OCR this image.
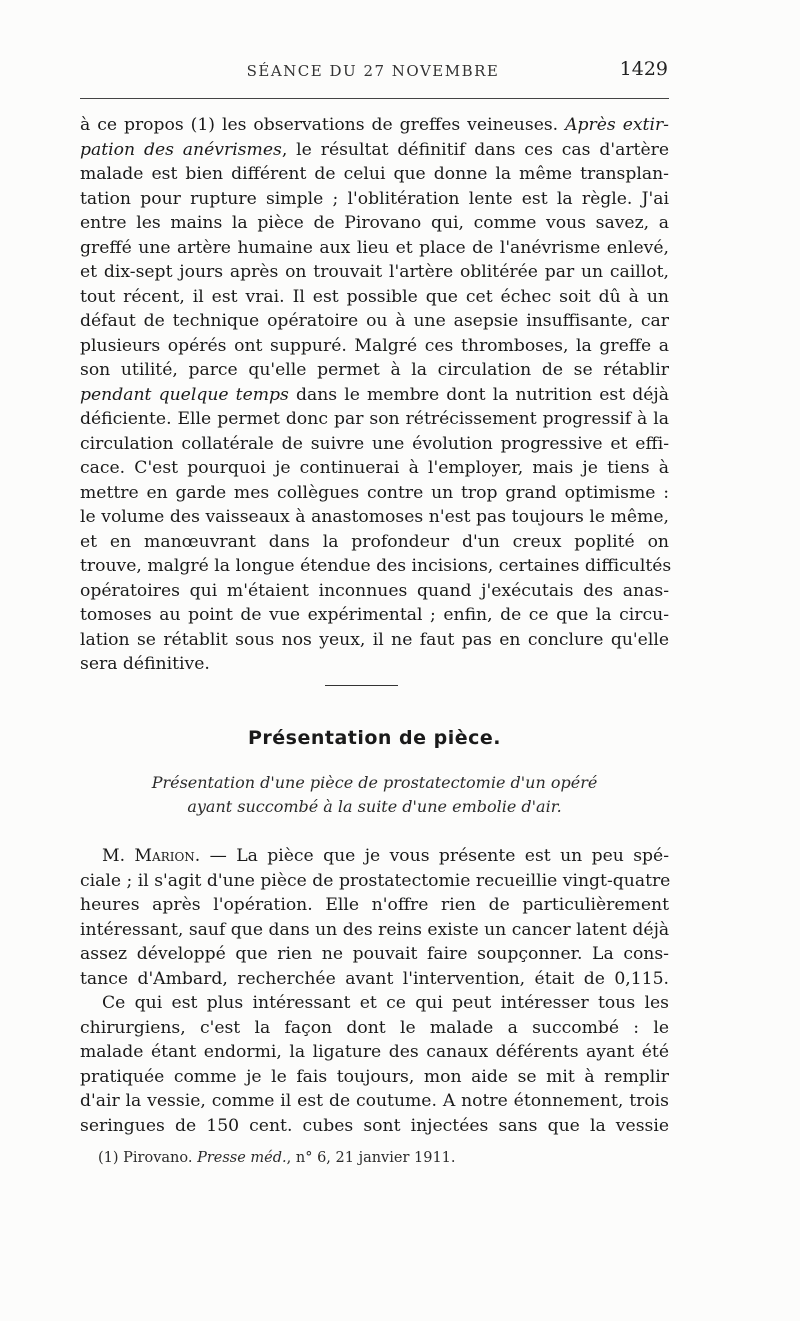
SÉANCE DU 27 NOVEMBRE	1429
à ce propos (1) les observations de greffes veineuses. Après extir-
pation des anévrismes, le résultat définitif dans ces cas d'artère
malade est bien différent de celui que donne la même transplan-
tation pour rupture simple ; l'oblitération lente est la règle. J'ai
entre les mains la pièce de Pirovano qui, comme vous savez, a
greffé une artère humaine aux lieu et place de l'anévrisme enlevé,
et dix-sept jours après on trouvait l'artère oblitérée par un caillot,
tout récent, il est vrai. Il est possible que cet échec soit dû à un
défaut de technique opératoire ou à une asepsie insuffisante, car
plusieurs opérés ont suppuré. Malgré ces thromboses, la greffe a
son utilité, parce qu'elle permet à la circulation de se rétablir
pendant quelque temps dans le membre dont la nutrition est déjà
déficiente. Elle permet donc par son rétrécissement progressif à la
circulation collatérale de suivre une évolution progressive et effi-
cace. C'est pourquoi je continuerai à l'employer, mais je tiens à
mettre en garde mes collègues contre un trop grand optimisme :
le volume des vaisseaux à anastomoses n'est pas toujours le même,
et en manœuvrant dans la profondeur d'un creux poplité on
trouve, malgré la longue étendue des incisions, certaines difficultés
opératoires qui m'étaient inconnues quand j'exécutais des anas-
tomoses au point de vue expérimental ; enfin, de ce que la circu-
lation se rétablit sous nos yeux, il ne faut pas en conclure qu'elle
sera définitive.
Présentation de pièce.
Présentation d'une pièce de prostatectomie d'un opéré
ayant succombé à la suite d'une embolie d'air.
M. Marion. — La pièce que je vous présente est un peu spé-
ciale ; il s'agit d'une pièce de prostatectomie recueillie vingt-quatre
heures après l'opération. Elle n'offre rien de particulièrement
intéressant, sauf que dans un des reins existe un cancer latent déjà
assez développé que rien ne pouvait faire soupçonner. La cons-
tance d'Ambard, recherchée avant l'intervention, était de 0,115.
Ce qui est plus intéressant et ce qui peut intéresser tous les
chirurgiens, c'est la façon dont le malade a succombé : le
malade étant endormi, la ligature des canaux déférents ayant été
pratiquée comme je le fais toujours, mon aide se mit à remplir
d'air la vessie, comme il est de coutume. A notre étonnement, trois
seringues de 150 cent. cubes sont injectées sans que la vessie
(1) Pirovano. Presse méd., n° 6, 21 janvier 1911.
